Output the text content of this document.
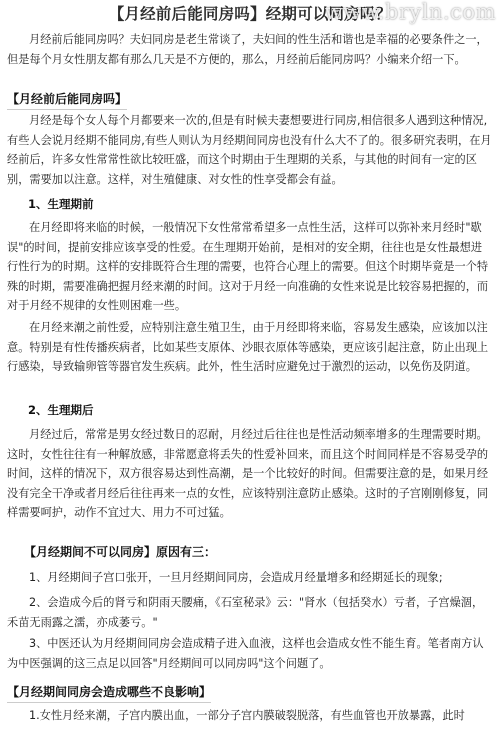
【月经前后能同房吗】经期可以同房吗？
www.bryln.com
月经前后能同房吗？夫妇同房是老生常谈了，夫妇间的性生活和谐也是幸福的必要条件之一，但是每个月女性朋友都有那么几天是不方便的，那么，月经前后能同房吗？小编来介绍一下。
【月经前后能同房吗】
月经是每个女人每个月都要来一次的,但是有时候夫妻想要进行同房,相信很多人遇到这种情况,有些人会说月经期不能同房,有些人则认为月经期间同房也没有什么大不了的。很多研究表明，在月经前后，许多女性常常性欲比较旺盛，而这个时期由于生理期的关系，与其他的时间有一定的区别，需要加以注意。这样，对生殖健康、对女性的性享受都会有益。
1、生理期前
在月经即将来临的时候，一般情况下女性常常希望多一点性生活，这样可以弥补来月经时"歇误"的时间，提前安排应该享受的性爱。在生理期开始前，是相对的安全期，往往也是女性最想进行性行为的时期。这样的安排既符合生理的需要，也符合心理上的需要。但这个时期毕竟是一个特殊的时期，需要准确把握月经来潮的时间。这对于月经一向准确的女性来说是比较容易把握的，而对于月经不规律的女性则困难一些。
在月经来潮之前性爱，应特别注意生殖卫生，由于月经即将来临，容易发生感染，应该加以注意。特别是有性传播疾病者，比如某些支原体、沙眼衣原体等感染，更应该引起注意，防止出现上行感染，导致输卵管等器官发生疾病。此外，性生活时应避免过于激烈的运动，以免伤及阴道。
2、生理期后
月经过后，常常是男女经过数日的忍耐，月经过后往往也是性活动频率增多的生理需要时期。这时，女性往往有一种解放感，非常愿意将丢失的性爱补回来，而且这个时间同样是不容易受孕的时间，这样的情况下，双方很容易达到性高潮，是一个比较好的时间。但需要注意的是，如果月经没有完全干净或者月经后往往再来一点的女性，应该特别注意防止感染。这时的子宫刚刚修复，同样需要呵护，动作不宜过大、用力不可过猛。
【月经期间不可以同房】原因有三：
1、月经期间子宫口张开，一旦月经期间同房，会造成月经量增多和经期延长的现象;
2、会造成今后的肾亏和阴雨天腰痛，《石室秘录》云："肾水（包括癸水）亏者，子宫燥涸，禾苗无雨露之濡，亦成萎亏。"
3、中医还认为月经期间同房会造成精子进入血液，这样也会造成女性不能生育。笔者南方认为中医强调的这三点足以回答"月经期间可以同房吗"这个问题了。
【月经期间同房会造成哪些不良影响】
1.女性月经来潮，子宫内膜出血，一部分子宫内膜破裂脱落，有些血管也开放暴露，此时
